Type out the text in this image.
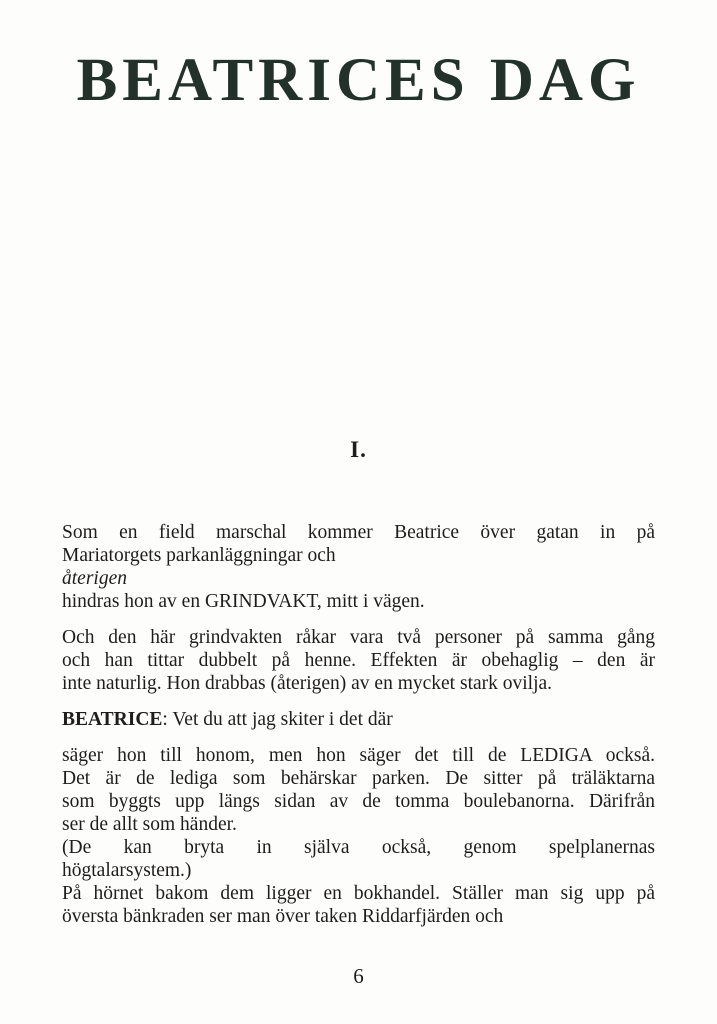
BEATRICES DAG
I.

Som en field marschal kommer Beatrice över gatan in på
Mariatorgets parkanläggningar och
återigen
hindras hon av en GRINDVAKT, mitt i vägen.

Och den här grindvakten råkar vara två personer på samma gång
och han tittar dubbelt på henne. Effekten är obehaglig – den är
inte naturlig. Hon drabbas (återigen) av en mycket stark ovilja.

BEATRICE: Vet du att jag skiter i det där

säger hon till honom, men hon säger det till de LEDIGA också.
Det är de lediga som behärskar parken. De sitter på träläktarna
som byggts upp längs sidan av de tomma boulebanorna. Därifrån
ser de allt som händer.
(De kan bryta in själva också, genom spelplanernas
högtalarsystem.)
På hörnet bakom dem ligger en bokhandel. Ställer man sig upp på
översta bänkraden ser man över taken Riddarfjärden och

6
